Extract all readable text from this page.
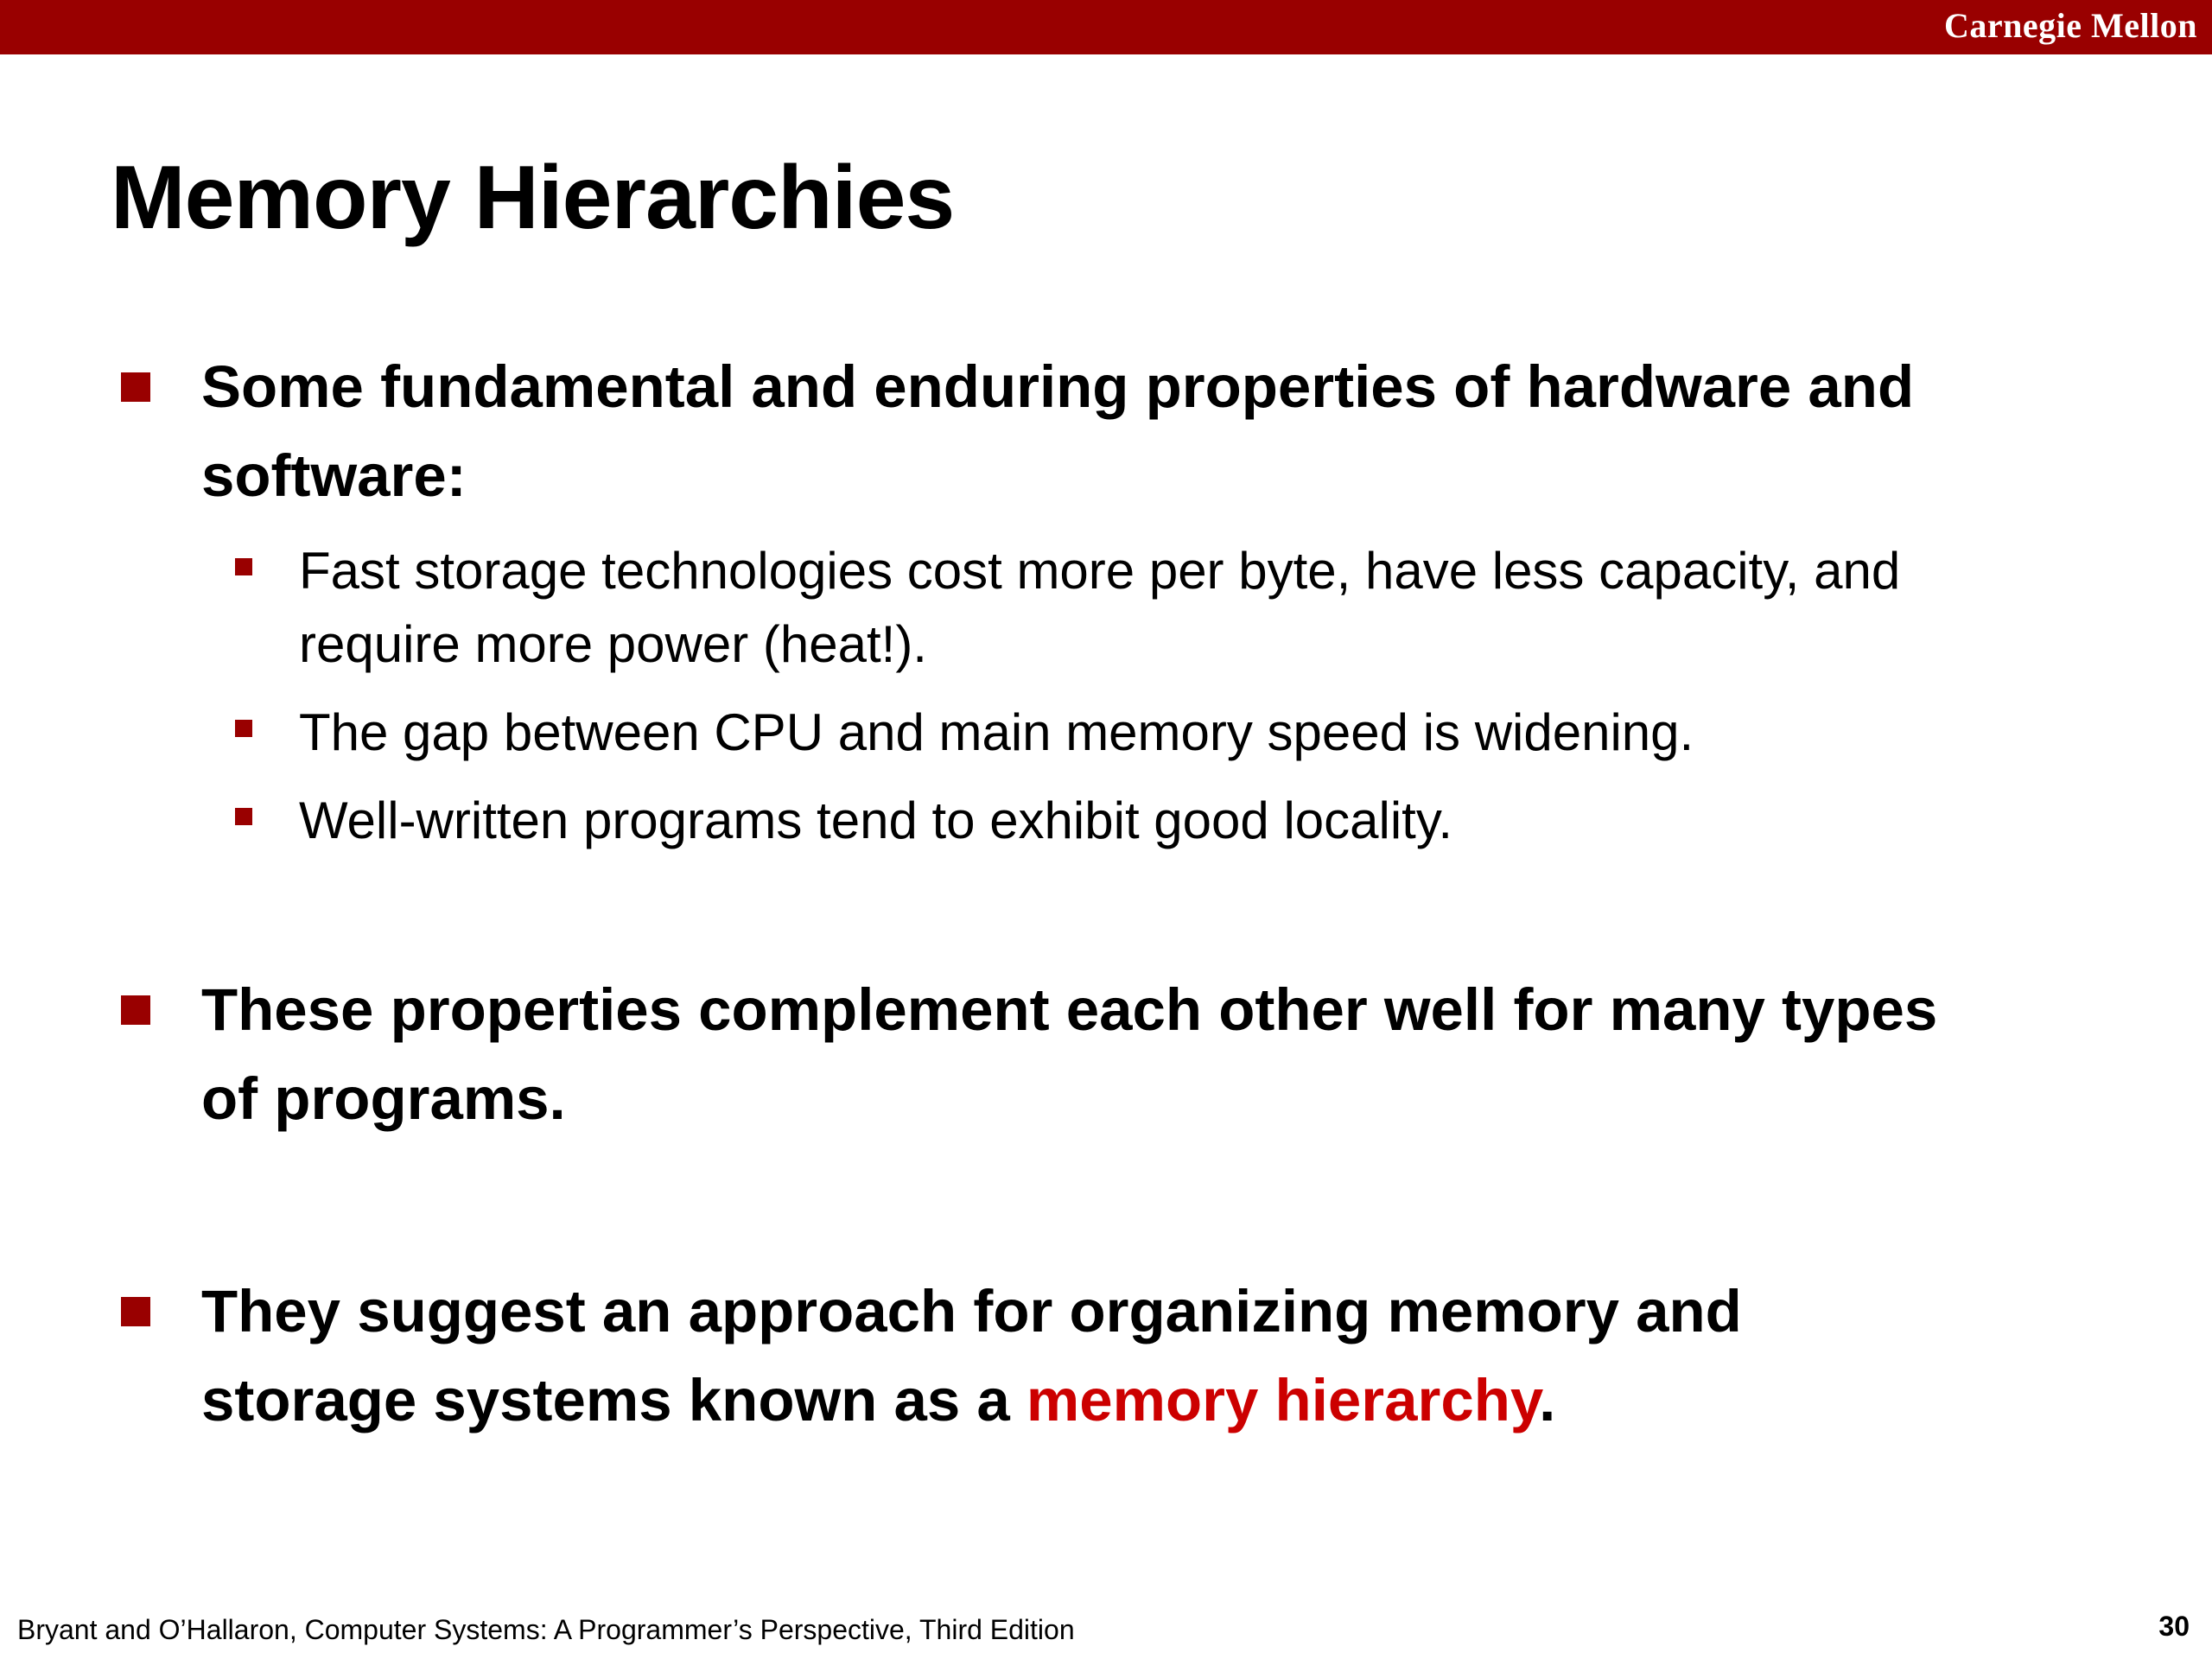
Carnegie Mellon
Memory Hierarchies
Some fundamental and enduring properties of hardware and software:
Fast storage technologies cost more per byte, have less capacity, and require more power (heat!).
The gap between CPU and main memory speed is widening.
Well-written programs tend to exhibit good locality.
These properties complement each other well for many types of programs.
They suggest an approach for organizing memory and storage systems known as a memory hierarchy.
Bryant and O’Hallaron, Computer Systems: A Programmer’s Perspective, Third Edition	30
